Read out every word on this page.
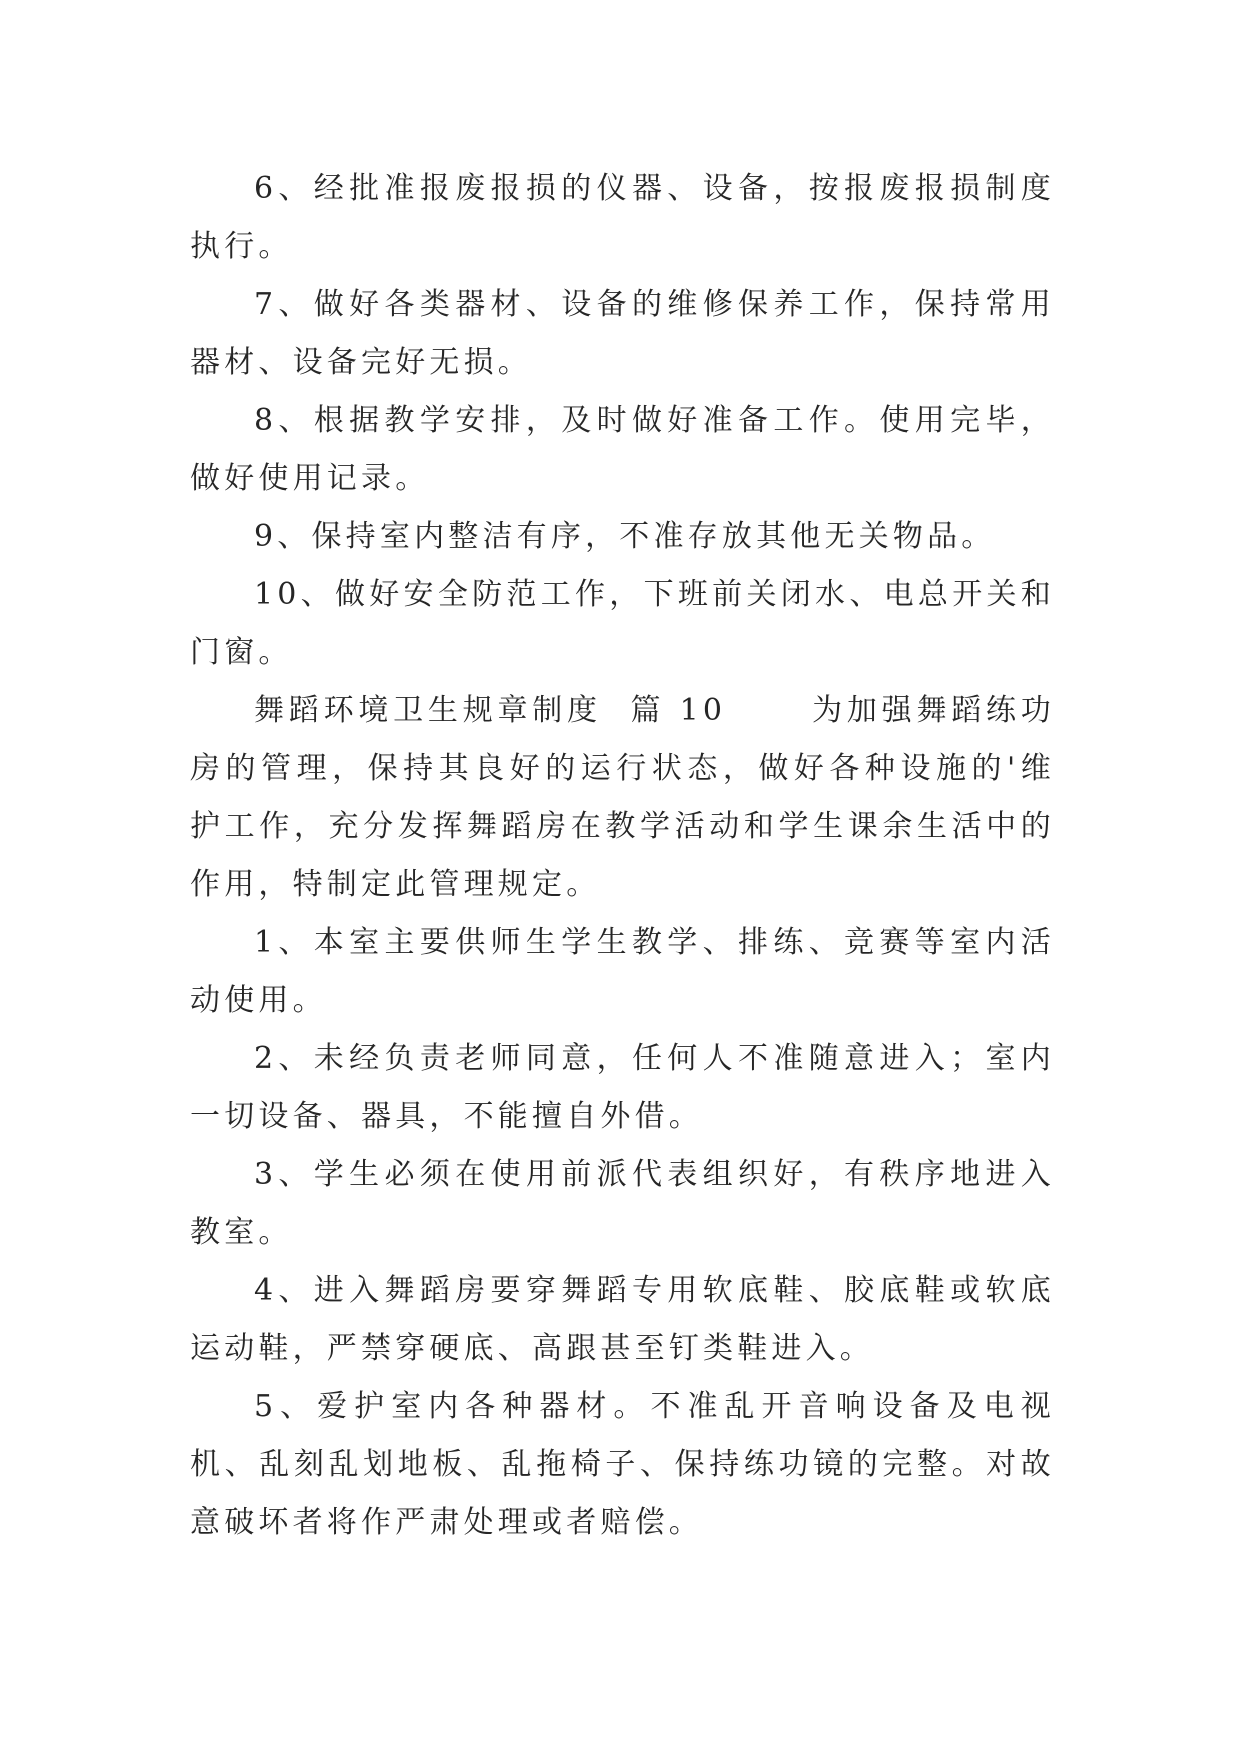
6、经批准报废报损的仪器、设备，按报废报损制度执行。

7、做好各类器材、设备的维修保养工作，保持常用器材、设备完好无损。

8、根据教学安排，及时做好准备工作。使用完毕，做好使用记录。

9、保持室内整洁有序，不准存放其他无关物品。

10、做好安全防范工作，下班前关闭水、电总开关和门窗。

舞蹈环境卫生规章制度  篇 10      为加强舞蹈练功房的管理，保持其良好的运行状态，做好各种设施的'维护工作，充分发挥舞蹈房在教学活动和学生课余生活中的作用，特制定此管理规定。

1、本室主要供师生学生教学、排练、竞赛等室内活动使用。

2、未经负责老师同意，任何人不准随意进入；室内一切设备、器具，不能擅自外借。

3、学生必须在使用前派代表组织好，有秩序地进入教室。

4、进入舞蹈房要穿舞蹈专用软底鞋、胶底鞋或软底运动鞋，严禁穿硬底、高跟甚至钉类鞋进入。

5、爱护室内各种器材。不准乱开音响设备及电视机、乱刻乱划地板、乱拖椅子、保持练功镜的完整。对故意破坏者将作严肃处理或者赔偿。
